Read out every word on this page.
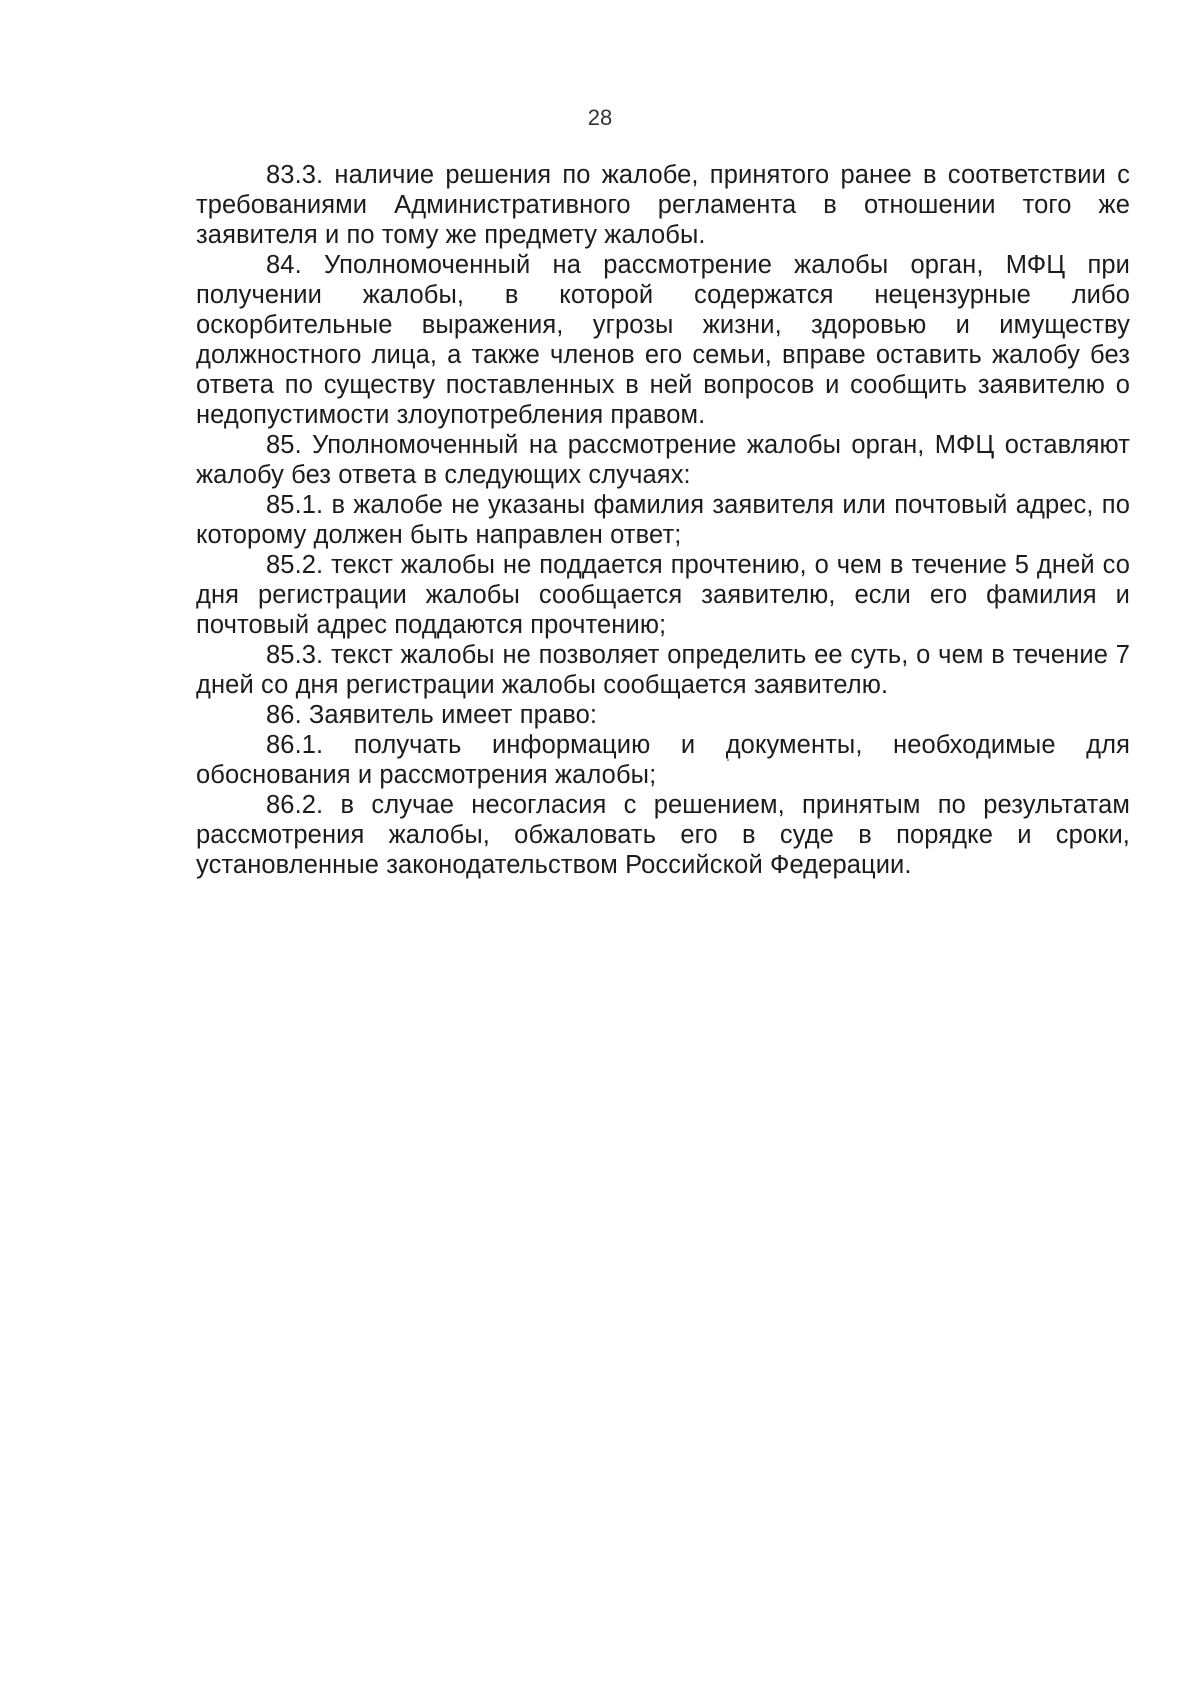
28

83.3. наличие решения по жалобе, принятого ранее в соответствии с требованиями Административного регламента в отношении того же заявителя и по тому же предмету жалобы.

84. Уполномоченный на рассмотрение жалобы орган, МФЦ при получении жалобы, в которой содержатся нецензурные либо оскорбительные выражения, угрозы жизни, здоровью и имуществу должностного лица, а также членов его семьи, вправе оставить жалобу без ответа по существу поставленных в ней вопросов и сообщить заявителю о недопустимости злоупотребления правом.

85. Уполномоченный на рассмотрение жалобы орган, МФЦ оставляют жалобу без ответа в следующих случаях:

85.1. в жалобе не указаны фамилия заявителя или почтовый адрес, по которому должен быть направлен ответ;

85.2. текст жалобы не поддается прочтению, о чем в течение 5 дней со дня регистрации жалобы сообщается заявителю, если его фамилия и почтовый адрес поддаются прочтению;

85.3. текст жалобы не позволяет определить ее суть, о чем в течение 7 дней со дня регистрации жалобы сообщается заявителю.

86. Заявитель имеет право:

86.1. получать информацию и документы, необходимые для обоснования и рассмотрения жалобы;

86.2. в случае несогласия с решением, принятым по результатам рассмотрения жалобы, обжаловать его в суде в порядке и сроки, установленные законодательством Российской Федерации.
